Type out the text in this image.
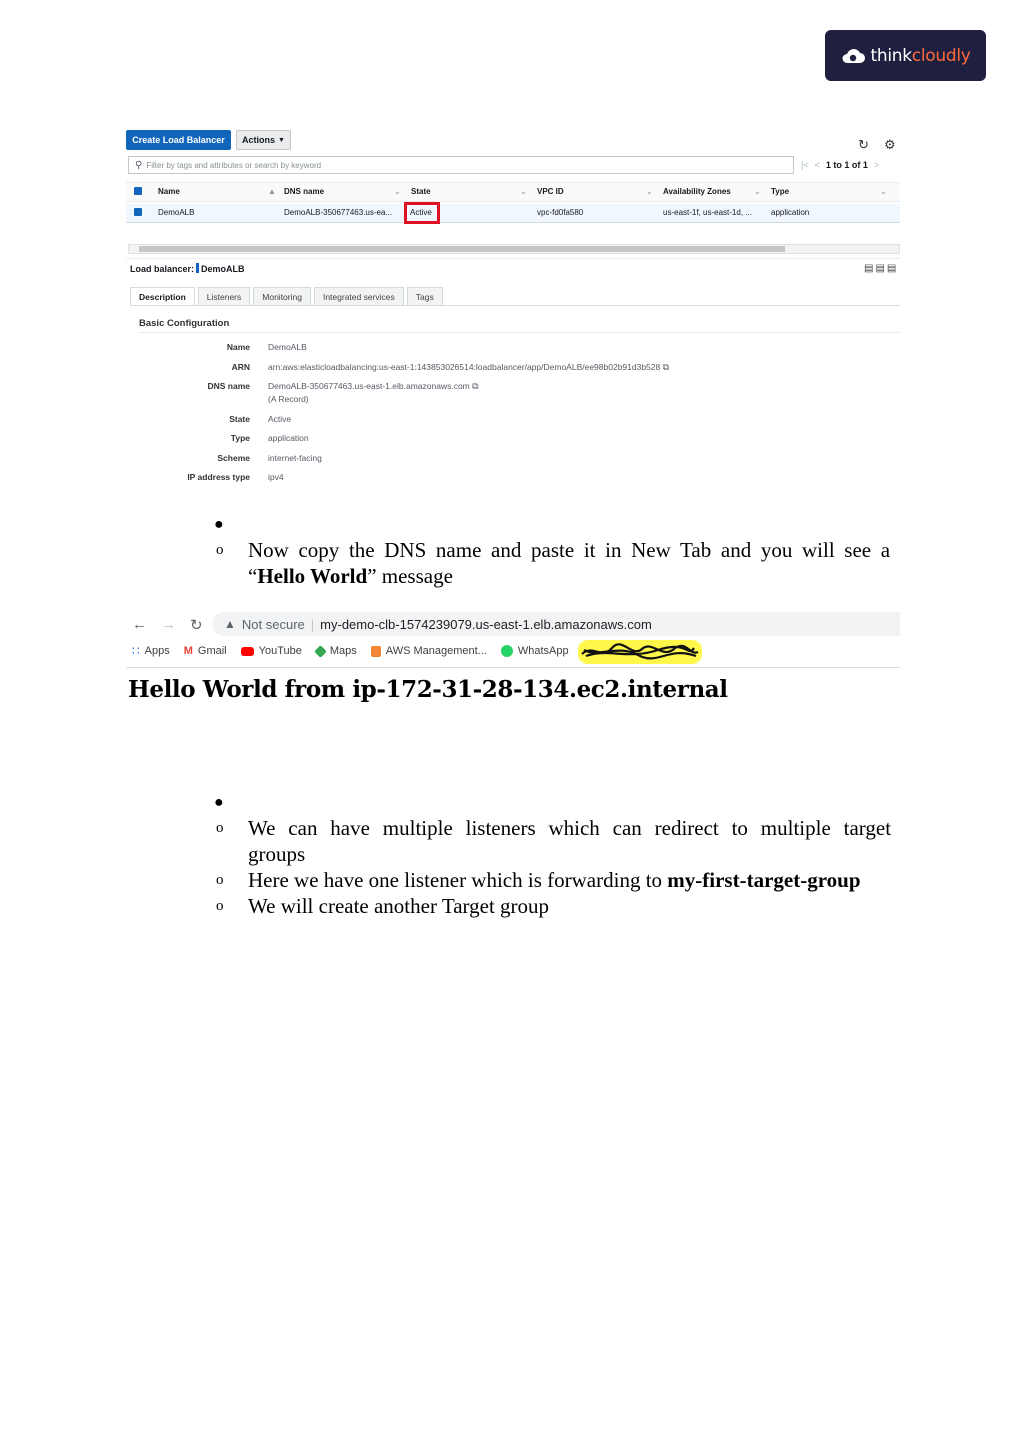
think cloudly
Create Load Balancer	Actions ▼	↻ ⚙
⚲ Filter by tags and attributes or search by keyword	|< < 1 to 1 of 1 >
Name	▲ DNS name	⌄ State	⌄ VPC ID	⌄ Availability Zones	⌄ Type	⌄
DemoALB	DemoALB-350677463.us-ea... Active	vpc-fd0fa580	us-east-1f, us-east-1d, ... application
Load balancer: DemoALB	▤▤▤
Description	Listeners	Monitoring	Integrated services	Tags
Basic Configuration
Name DemoALB
ARN arn:aws:elasticloadbalancing:us-east-1:143853026514:loadbalancer/app/DemoALB/ee98b02b91d3b528 ⧉
DNS name DemoALB-350677463.us-east-1.elb.amazonaws.com ⧉
(A Record)
State Active
Type application
Scheme internet-facing
IP address type ipv4
●
o Now copy the DNS name and paste it in New Tab and you will see a
“Hello World” message
← → ↻ ▲ Not secure | my-demo-clb-1574239079.us-east-1.elb.amazonaws.com
∷ Apps M Gmail	YouTube	Maps	AWS Management...	WhatsApp
Hello World from ip-172-31-28-134.ec2.internal
●
o We can have multiple listeners which can redirect to multiple target
groups
o Here we have one listener which is forwarding to my-first-target-group
o We will create another Target group
